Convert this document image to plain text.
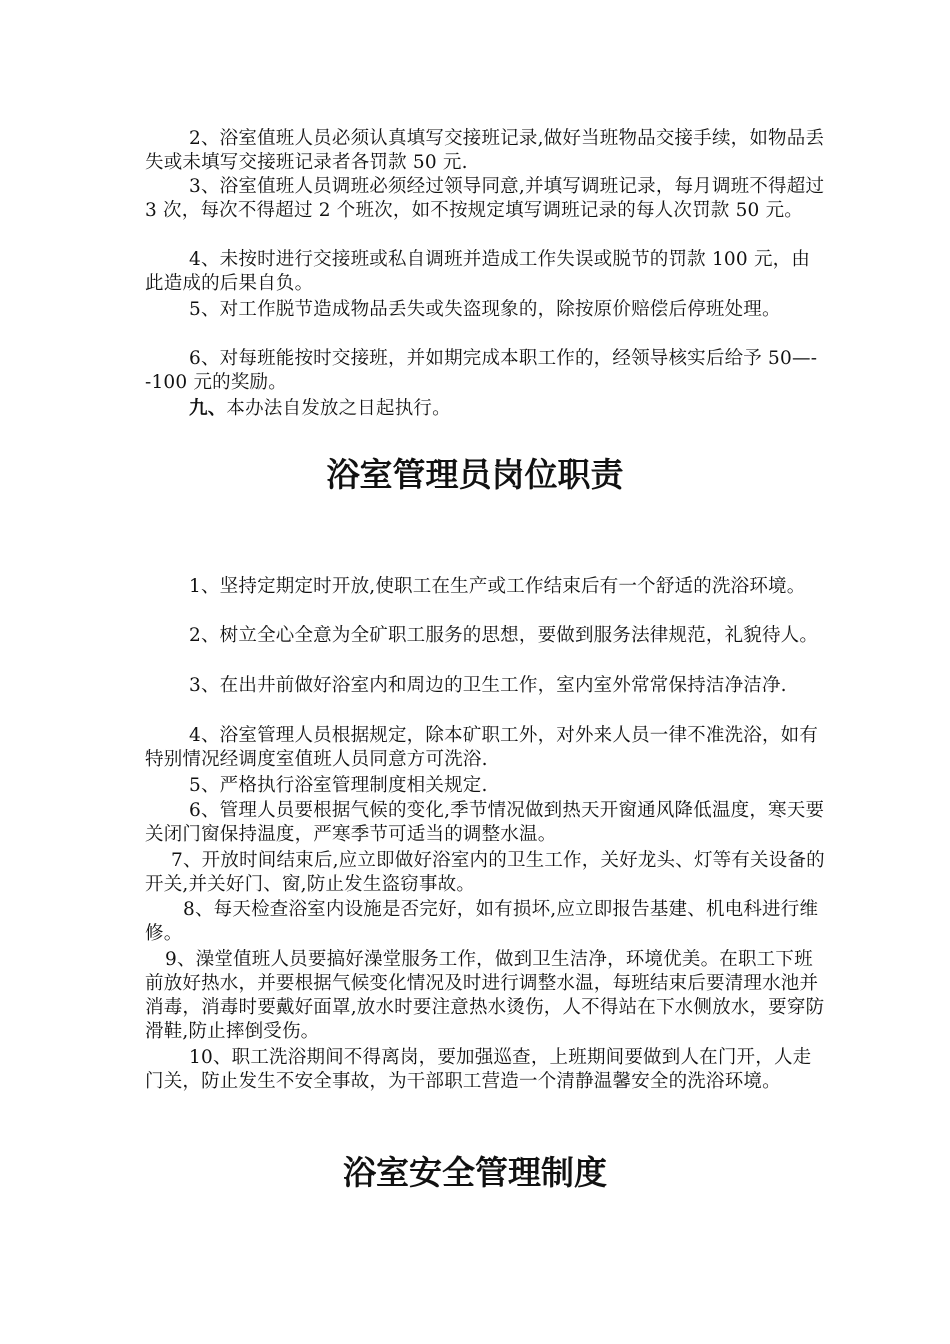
2、浴室值班人员必须认真填写交接班记录,做好当班物品交接手续，如物品丢失或未填写交接班记录者各罚款 50 元.

3、浴室值班人员调班必须经过领导同意,并填写调班记录，每月调班不得超过 3 次，每次不得超过 2 个班次，如不按规定填写调班记录的每人次罚款 50 元。

4、未按时进行交接班或私自调班并造成工作失误或脱节的罚款 100 元，由此造成的后果自负。

5、对工作脱节造成物品丢失或失盗现象的，除按原价赔偿后停班处理。

6、对每班能按时交接班，并如期完成本职工作的，经领导核实后给予 50—--100 元的奖励。

九、本办法自发放之日起执行。

浴室管理员岗位职责

1、坚持定期定时开放,使职工在生产或工作结束后有一个舒适的洗浴环境。

2、树立全心全意为全矿职工服务的思想，要做到服务法律规范，礼貌待人。

3、在出井前做好浴室内和周边的卫生工作，室内室外常常保持洁净洁净.

4、浴室管理人员根据规定，除本矿职工外，对外来人员一律不准洗浴，如有特别情况经调度室值班人员同意方可洗浴.

5、严格执行浴室管理制度相关规定.

6、管理人员要根据气候的变化,季节情况做到热天开窗通风降低温度，寒天要关闭门窗保持温度，严寒季节可适当的调整水温。

7、开放时间结束后,应立即做好浴室内的卫生工作，关好龙头、灯等有关设备的开关,并关好门、窗,防止发生盗窃事故。

8、每天检查浴室内设施是否完好，如有损坏,应立即报告基建、机电科进行维修。

9、澡堂值班人员要搞好澡堂服务工作，做到卫生洁净，环境优美。在职工下班前放好热水，并要根据气候变化情况及时进行调整水温，每班结束后要清理水池并消毒，消毒时要戴好面罩,放水时要注意热水烫伤，人不得站在下水侧放水，要穿防滑鞋,防止摔倒受伤。

10、职工洗浴期间不得离岗，要加强巡查，上班期间要做到人在门开，人走门关，防止发生不安全事故，为干部职工营造一个清静温馨安全的洗浴环境。

浴室安全管理制度
